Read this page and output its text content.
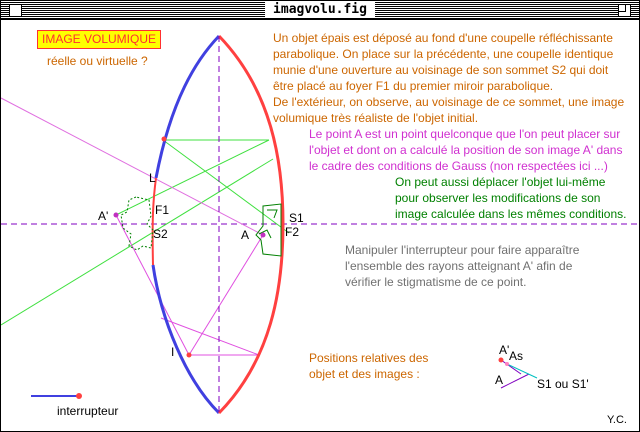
imagvolu.fig
IMAGE VOLUMIQUE

réelle ou virtuelle ?

Un objet épais est déposé au fond d'une coupelle réfléchissante
parabolique. On place sur la précédente, une coupelle identique
munie d'une ouverture au voisinage de son sommet S2 qui doit
être placé au foyer F1 du premier miroir parabolique.
De l'extérieur, on observe, au voisinage de ce sommet, une image
volumique très réaliste de l'objet initial.
Le point A est un point quelconque que l'on peut placer sur
l'objet et dont on a calculé la position de son image A' dans
le cadre des conditions de Gauss (non respectées ici ...)
On peut aussi déplacer l'objet lui-même
pour observer les modifications de son
image calculée dans les mêmes conditions.
Manipuler l'interrupteur pour faire apparaître
l'ensemble des rayons atteignant A' afin de
vérifier le stigmatisme de ce point.
Positions relatives des
objet et des images :
L
I
F1
S2
A'
A
S1
F2
A' As
A	S1 ou S1'
interrupteur
Y.C.
